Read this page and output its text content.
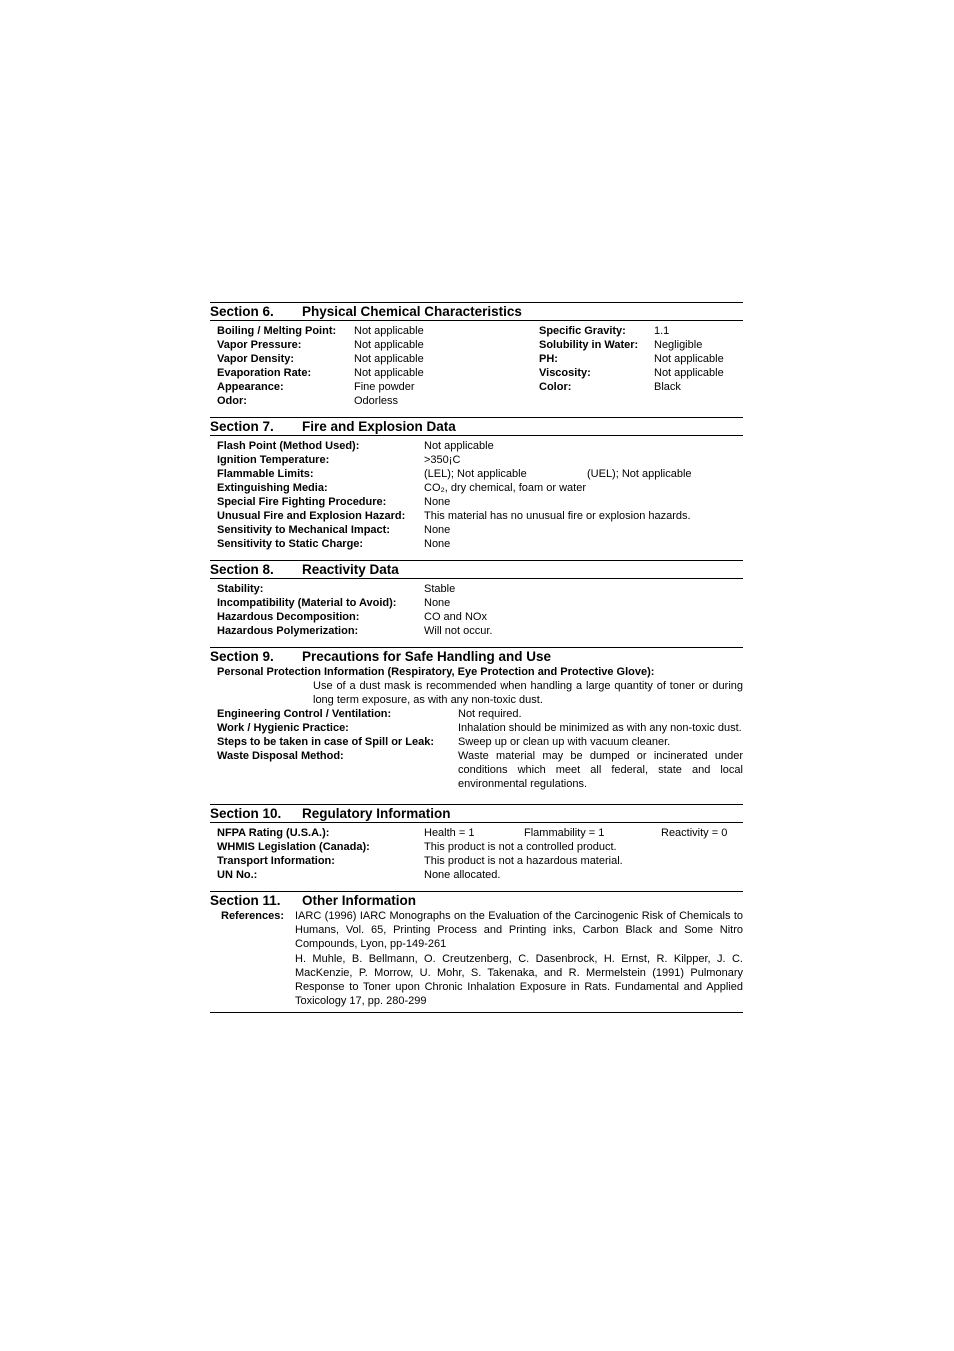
Section 6.	Physical Chemical Characteristics
Boiling / Melting Point:	Not applicable	Specific Gravity:	1.1
Vapor Pressure:	Not applicable	Solubility in Water:	Negligible
Vapor Density:	Not applicable	PH:	Not applicable
Evaporation Rate:	Not applicable	Viscosity:	Not applicable
Appearance:	Fine powder	Color:	Black
Odor:	Odorless
Section 7.	Fire and Explosion Data
Flash Point (Method Used):	Not applicable
Ignition Temperature:	>350¡C
Flammable Limits:	(LEL); Not applicable	(UEL); Not applicable
Extinguishing Media:	CO₂, dry chemical, foam or water
Special Fire Fighting Procedure:	None
Unusual Fire and Explosion Hazard:	This material has no unusual fire or explosion hazards.
Sensitivity to Mechanical Impact:	None
Sensitivity to Static Charge:	None
Section 8.	Reactivity Data
Stability:	Stable
Incompatibility (Material to Avoid):	None
Hazardous Decomposition:	CO and NOx
Hazardous Polymerization:	Will not occur.
Section 9.	Precautions for Safe Handling and Use
Personal Protection Information (Respiratory, Eye Protection and Protective Glove):
Use of a dust mask is recommended when handling a large quantity of toner or during long term exposure, as with any non-toxic dust.
Engineering Control / Ventilation:	Not required.
Work / Hygienic Practice:	Inhalation should be minimized as with any non-toxic dust.
Steps to be taken in case of Spill or Leak:	Sweep up or clean up with vacuum cleaner.
Waste Disposal Method:	Waste material may be dumped or incinerated under conditions which meet all federal, state and local environmental regulations.
Section 10.	Regulatory Information
NFPA Rating (U.S.A.):	Health = 1	Flammability = 1	Reactivity = 0
WHMIS Legislation (Canada):	This product is not a controlled product.
Transport Information:	This product is not a hazardous material.
UN No.:	None allocated.
Section 11.	Other Information
References:	IARC (1996) IARC Monographs on the Evaluation of the Carcinogenic Risk of Chemicals to Humans, Vol. 65, Printing Process and Printing inks, Carbon Black and Some Nitro Compounds, Lyon, pp-149-261

H. Muhle, B. Bellmann, O. Creutzenberg, C. Dasenbrock, H. Ernst, R. Kilpper, J. C. MacKenzie, P. Morrow, U. Mohr, S. Takenaka, and R. Mermelstein (1991) Pulmonary Response to Toner upon Chronic Inhalation Exposure in Rats. Fundamental and Applied Toxicology 17, pp. 280-299
